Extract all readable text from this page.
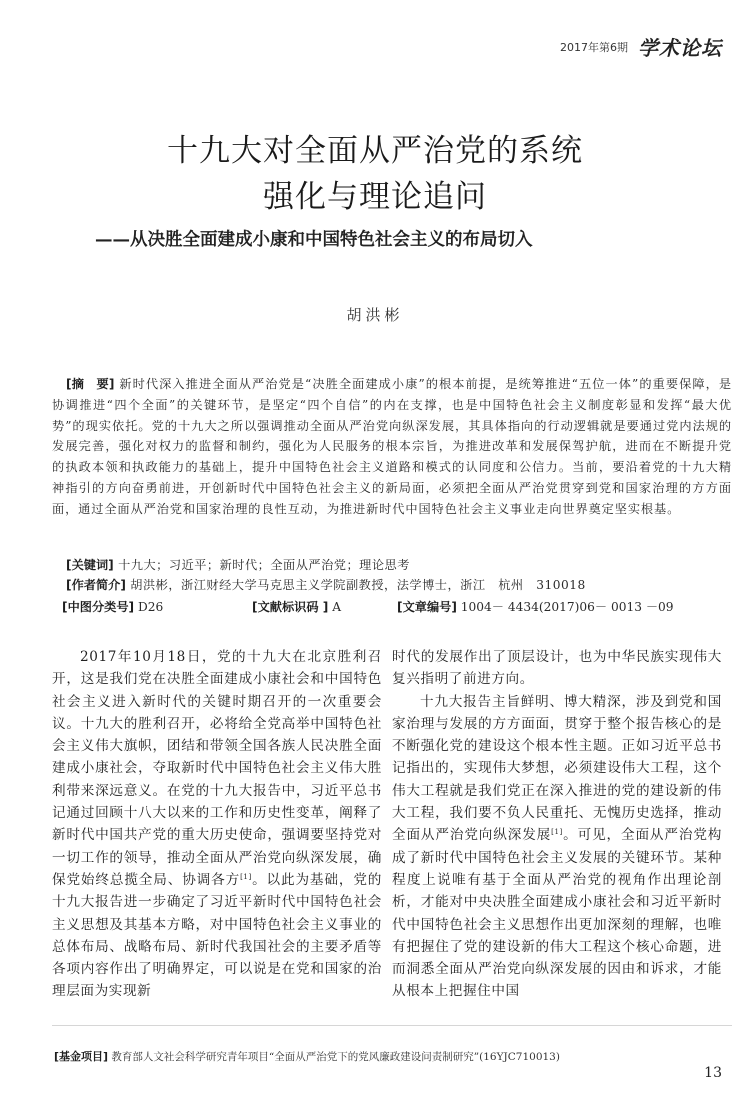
2017年第6期 学术论坛
十九大对全面从严治党的系统
强化与理论追问
——从决胜全面建成小康和中国特色社会主义的布局切入
胡洪彬
[摘　要] 新时代深入推进全面从严治党是“决胜全面建成小康”的根本前提，是统筹推进“五位一体”的重要保障，是协调推进“四个全面”的关键环节，是坚定“四个自信”的内在支撑，也是中国特色社会主义制度彰显和发挥“最大优势”的现实依托。党的十九大之所以强调推动全面从严治党向纵深发展，其具体指向的行动逻辑就是要通过党内法规的发展完善，强化对权力的监督和制约，强化为人民服务的根本宗旨，为推进改革和发展保驾护航，进而在不断提升党的执政本领和执政能力的基础上，提升中国特色社会主义道路和模式的认同度和公信力。当前，要沿着党的十九大精神指引的方向奋勇前进，开创新时代中国特色社会主义的新局面，必须把全面从严治党贯穿到党和国家治理的方方面面，通过全面从严治党和国家治理的良性互动，为推进新时代中国特色社会主义事业走向世界奠定坚实根基。
[关键词] 十九大；习近平；新时代；全面从严治党；理论思考
[作者简介] 胡洪彬，浙江财经大学马克思主义学院副教授，法学博士，浙江　杭州　310018
[中图分类号] D26	[文献标识码 ] A	[文章编号] 1004－ 4434(2017)06－ 0013 －09

2017年10月18日，党的十九大在北京胜利召开，这是我们党在决胜全面建成小康社会和中国特色社会主义进入新时代的关键时期召开的一次重要会议。十九大的胜利召开，必将给全党高举中国特色社会主义伟大旗帜，团结和带领全国各族人民决胜全面建成小康社会，夺取新时代中国特色社会主义伟大胜利带来深远意义。在党的十九大报告中，习近平总书记通过回顾十八大以来的工作和历史性变革，阐释了新时代中国共产党的重大历史使命，强调要坚持党对一切工作的领导，推动全面从严治党向纵深发展，确保党始终总揽全局、协调各方[1]。以此为基础，党的十九大报告进一步确定了习近平新时代中国特色社会主义思想及其基本方略，对中国特色社会主义事业的总体布局、战略布局、新时代我国社会的主要矛盾等各项内容作出了明确界定，可以说是在党和国家的治理层面为实现新

时代的发展作出了顶层设计，也为中华民族实现伟大复兴指明了前进方向。

十九大报告主旨鲜明、博大精深，涉及到党和国家治理与发展的方方面面，贯穿于整个报告核心的是不断强化党的建设这个根本性主题。正如习近平总书记指出的，实现伟大梦想，必须建设伟大工程，这个伟大工程就是我们党正在深入推进的党的建设新的伟大工程，我们要不负人民重托、无愧历史选择，推动全面从严治党向纵深发展[1]。可见，全面从严治党构成了新时代中国特色社会主义发展的关键环节。某种程度上说唯有基于全面从严治党的视角作出理论剖析，才能对中央决胜全面建成小康社会和习近平新时代中国特色社会主义思想作出更加深刻的理解，也唯有把握住了党的建设新的伟大工程这个核心命题，进而洞悉全面从严治党向纵深发展的因由和诉求，才能从根本上把握住中国

[基金项目] 教育部人文社会科学研究青年项目“全面从严治党下的党风廉政建设问责制研究”(16YJC710013)
13
